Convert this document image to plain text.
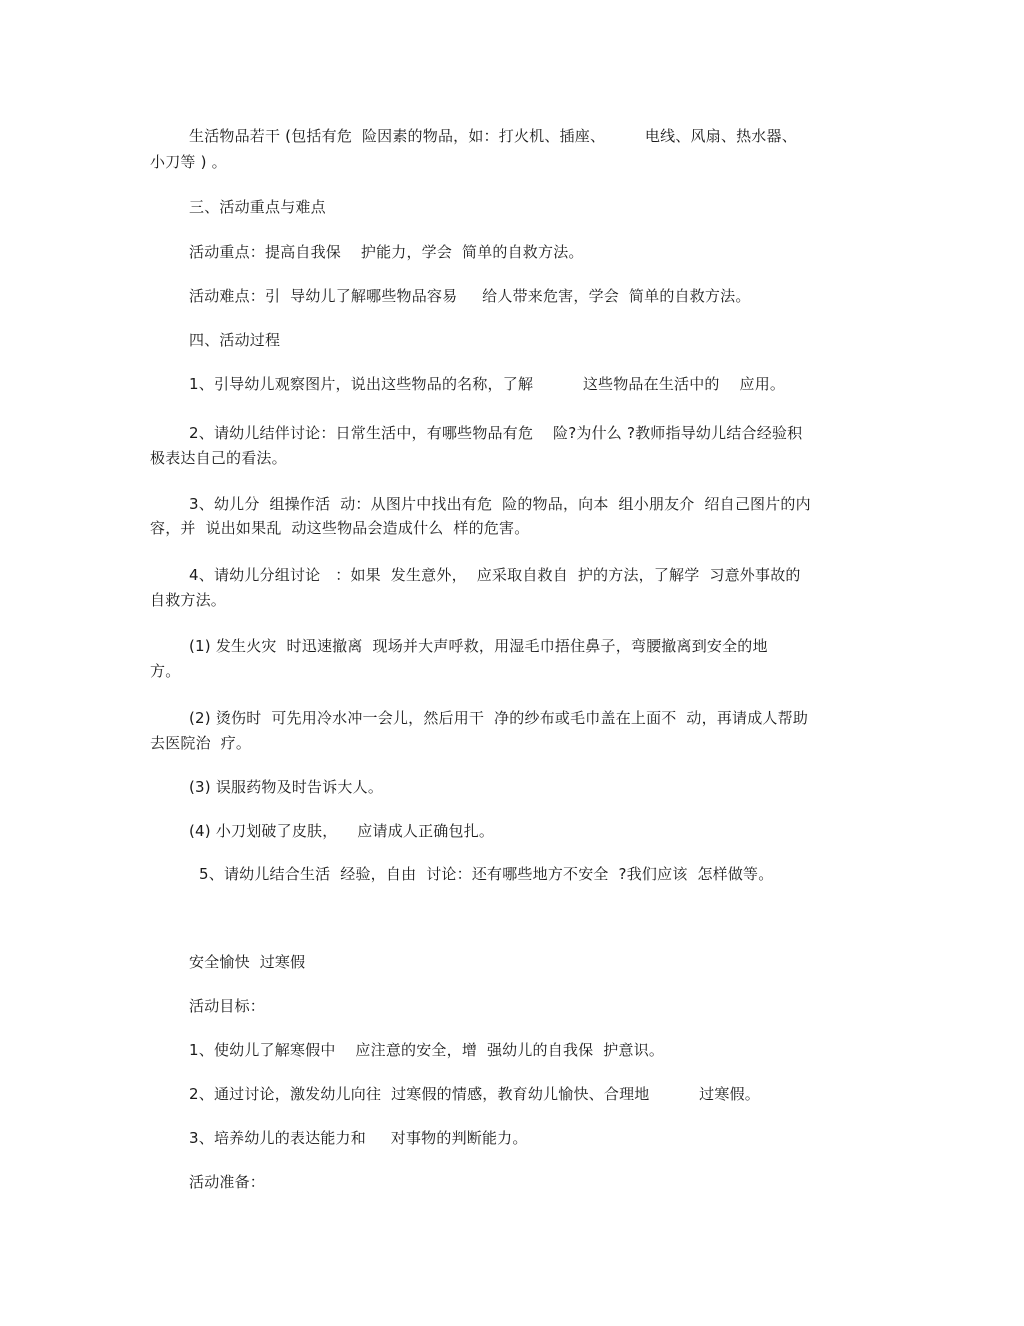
生活物品若干 (包括有危  险因素的物品，如：打火机、插座、        电线、风扇、热水器、
小刀等 ) 。
三、活动重点与难点
活动重点：提高自我保    护能力，学会  简单的自救方法。
活动难点：引  导幼儿了解哪些物品容易     给人带来危害，学会  简单的自救方法。
四、活动过程
1、引导幼儿观察图片，说出这些物品的名称，了解          这些物品在生活中的    应用。
2、请幼儿结伴讨论：日常生活中，有哪些物品有危    险?为什么 ?教师指导幼儿结合经验积
极表达自己的看法。
3、幼儿分  组操作活  动：从图片中找出有危  险的物品，向本  组小朋友介  绍自己图片的内
容，并  说出如果乱  动这些物品会造成什么  样的危害。
4、请幼儿分组讨论   ：如果  发生意外，  应采取自救自  护的方法，了解学  习意外事故的
自救方法。
(1) 发生火灾  时迅速撤离  现场并大声呼救，用湿毛巾捂住鼻子，弯腰撤离到安全的地
方。
(2) 烫伤时  可先用冷水冲一会儿，然后用干  净的纱布或毛巾盖在上面不  动，再请成人帮助
去医院治  疗。
(3) 误服药物及时告诉大人。
(4) 小刀划破了皮肤，    应请成人正确包扎。
5、请幼儿结合生活  经验，自由  讨论：还有哪些地方不安全  ?我们应该  怎样做等。
安全愉快  过寒假
活动目标：
1、使幼儿了解寒假中    应注意的安全，增  强幼儿的自我保  护意识。
2、通过讨论，激发幼儿向往  过寒假的情感，教育幼儿愉快、合理地          过寒假。
3、培养幼儿的表达能力和     对事物的判断能力。
活动准备：
